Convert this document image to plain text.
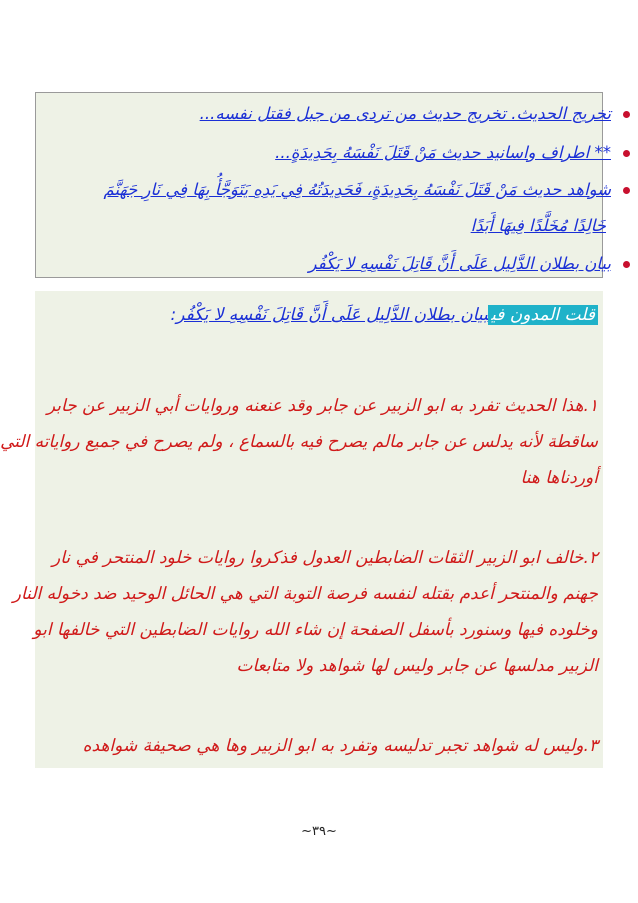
تخريج الحديث. تخريج حديث من تردى من جبل فقتل نفسه...
** اطراف واسانيد حديث مَنْ قَتَلَ نَفْسَهُ بِحَدِيدَةٍ...
شواهد حديث مَنْ قَتَلَ نَفْسَهُ بِحَدِيدَةٍ، فَحَدِيدَتُهُ فِي يَدِهِ يَتَوَجَّأُ بِهَا فِي نَارِ جَهَنَّمَ
خَالِدًا مُخَلَّدًا فِيهَا أَبَدًا
بيان بطلان الدَّلِيل عَلَى أَنَّ قَاتِلَ نَفْسِهِ لا يَكْفُر
قلت المدون فيبيان بطلان الدَّلِيل عَلَى أَنَّ قَاتِلَ نَفْسِهِ لا يَكْفُر:
١.هذا الحديث تفرد به ابو الزبير عن جابر وقد عنعنه وروايات أبي الزبير عن جابر
ساقطة لأنه يدلس عن جابر مالم يصرح فيه بالسماع ، ولم يصرح في جميع رواياته التي
أوردناها هنا
٢.خالف ابو الزبير الثقات الضابطين العدول فذكروا روايات خلود المنتحر في نار
جهنم والمنتحر أعدم بقتله لنفسه فرصة التوبة التي هي الحائل الوحيد ضد دخوله النار
وخلوده فيها وسنورد بأسفل الصفحة إن شاء الله روايات الضابطين التي خالفها ابو
الزبير مدلسها عن جابر وليس لها شواهد ولا متابعات
٣.وليس له شواهد تجبر تدليسه وتفرد به ابو الزبير وها هي صحيفة شواهده
~٣٩~
